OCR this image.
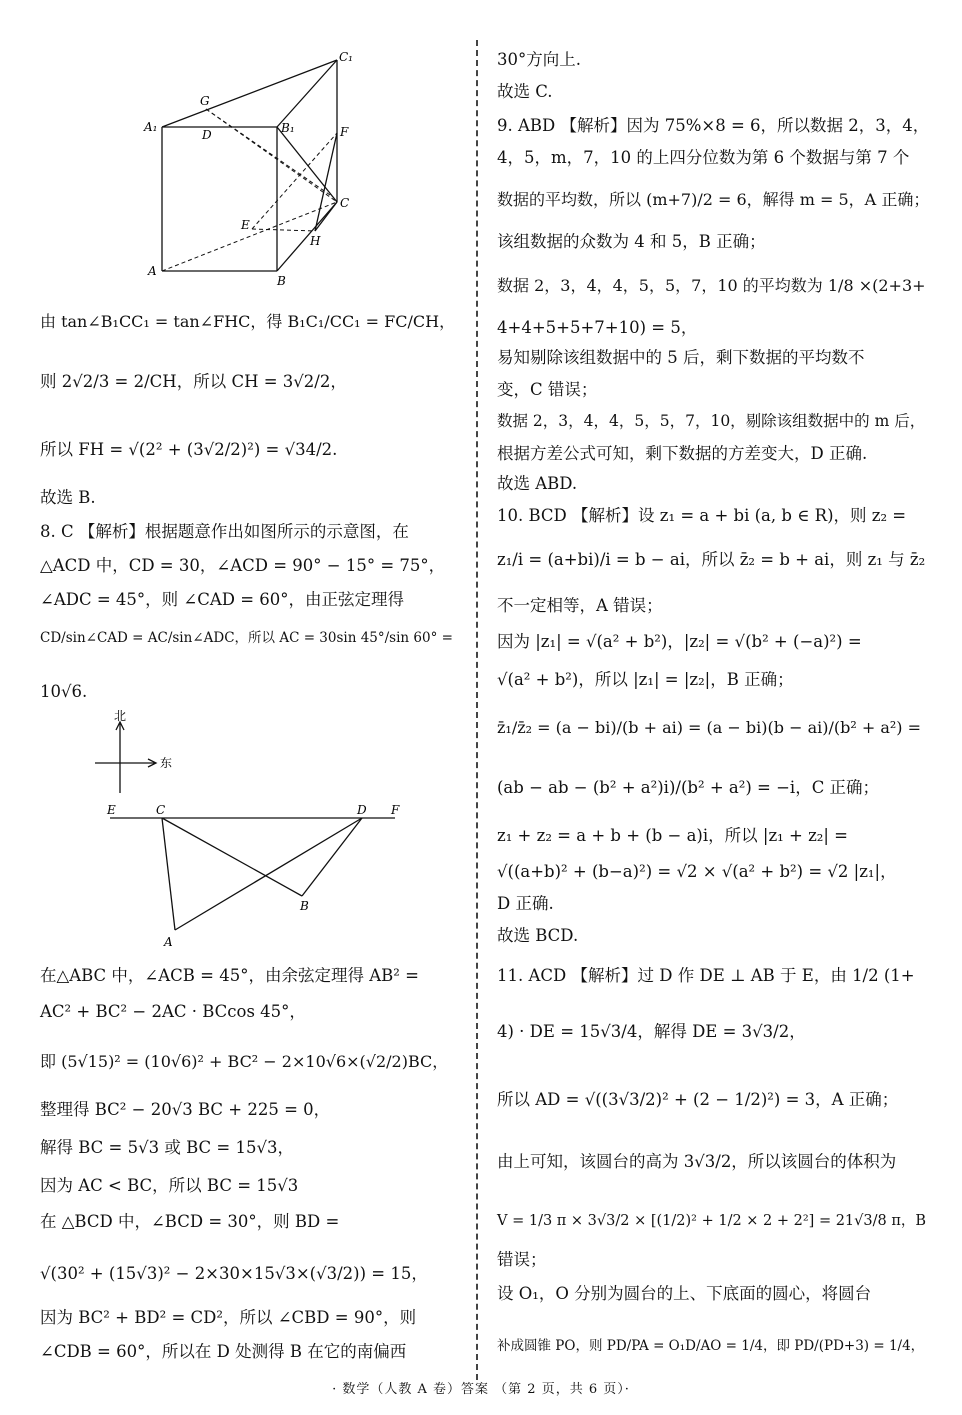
A₁	B₁
C₁
A
B
C
D
E
F
G
H
北
东
E	C	D F
A
B
由 tan∠B₁CC₁ = tan∠FHC，得 B₁C₁/CC₁ = FC/CH，
则 2√2/3 = 2/CH，所以 CH = 3√2/2，
所以 FH = √(2² + (3√2/2)²) = √34/2.
故选 B.
8. C 【解析】根据题意作出如图所示的示意图，在
△ACD 中，CD = 30，∠ACD = 90° − 15° = 75°，
∠ADC = 45°，则 ∠CAD = 60°，由正弦定理得
CD/sin∠CAD = AC/sin∠ADC，所以 AC = 30sin 45°/sin 60° =
10√6.
在△ABC 中，∠ACB = 45°，由余弦定理得 AB² =
AC² + BC² − 2AC · BCcos 45°，
即 (5√15)² = (10√6)² + BC² − 2×10√6×(√2/2)BC，
整理得 BC² − 20√3 BC + 225 = 0，
解得 BC = 5√3 或 BC = 15√3，
因为 AC < BC，所以 BC = 15√3
在 △BCD 中，∠BCD = 30°，则 BD =
√(30² + (15√3)² − 2×30×15√3×(√3/2)) = 15，
因为 BC² + BD² = CD²，所以 ∠CBD = 90°，则
∠CDB = 60°，所以在 D 处测得 B 在它的南偏西
30°方向上.
故选 C.
9. ABD 【解析】因为 75%×8 = 6，所以数据 2，3，4，
4，5，m，7，10 的上四分位数为第 6 个数据与第 7 个
数据的平均数，所以 (m+7)/2 = 6，解得 m = 5，A 正确；
该组数据的众数为 4 和 5，B 正确；
数据 2，3，4，4，5，5，7，10 的平均数为 1/8 ×(2+3+
4+4+5+5+7+10) = 5，
易知剔除该组数据中的 5 后，剩下数据的平均数不
变，C 错误；
数据 2，3，4，4，5，5，7，10，剔除该组数据中的 m 后，
根据方差公式可知，剩下数据的方差变大，D 正确.
故选 ABD.
10. BCD 【解析】设 z₁ = a + bi (a, b ∈ R)，则 z₂ =
z₁/i = (a+bi)/i = b − ai，所以 z̄₂ = b + ai，则 z₁ 与 z̄₂
不一定相等，A 错误；
因为 |z₁| = √(a² + b²)，|z₂| = √(b² + (−a)²) =
√(a² + b²)，所以 |z₁| = |z₂|，B 正确；
z̄₁/z̄₂ = (a − bi)/(b + ai) = (a − bi)(b − ai)/(b² + a²) =
(ab − ab − (b² + a²)i)/(b² + a²) = −i，C 正确；
z₁ + z₂ = a + b + (b − a)i，所以 |z₁ + z₂| =
√((a+b)² + (b−a)²) = √2 × √(a² + b²) = √2 |z₁|，
D 正确.
故选 BCD.
11. ACD 【解析】过 D 作 DE ⊥ AB 于 E，由 1/2 (1+
4) · DE = 15√3/4，解得 DE = 3√3/2，
所以 AD = √((3√3/2)² + (2 − 1/2)²) = 3，A 正确；
由上可知，该圆台的高为 3√3/2，所以该圆台的体积为
V = 1/3 π × 3√3/2 × [(1/2)² + 1/2 × 2 + 2²] = 21√3/8 π，B
错误；
设 O₁，O 分别为圆台的上、下底面的圆心，将圆台
补成圆锥 PO，则 PD/PA = O₁D/AO = 1/4，即 PD/(PD+3) = 1/4，
· 数学（人教 A 卷）答案 （第 2 页，共 6 页）·
